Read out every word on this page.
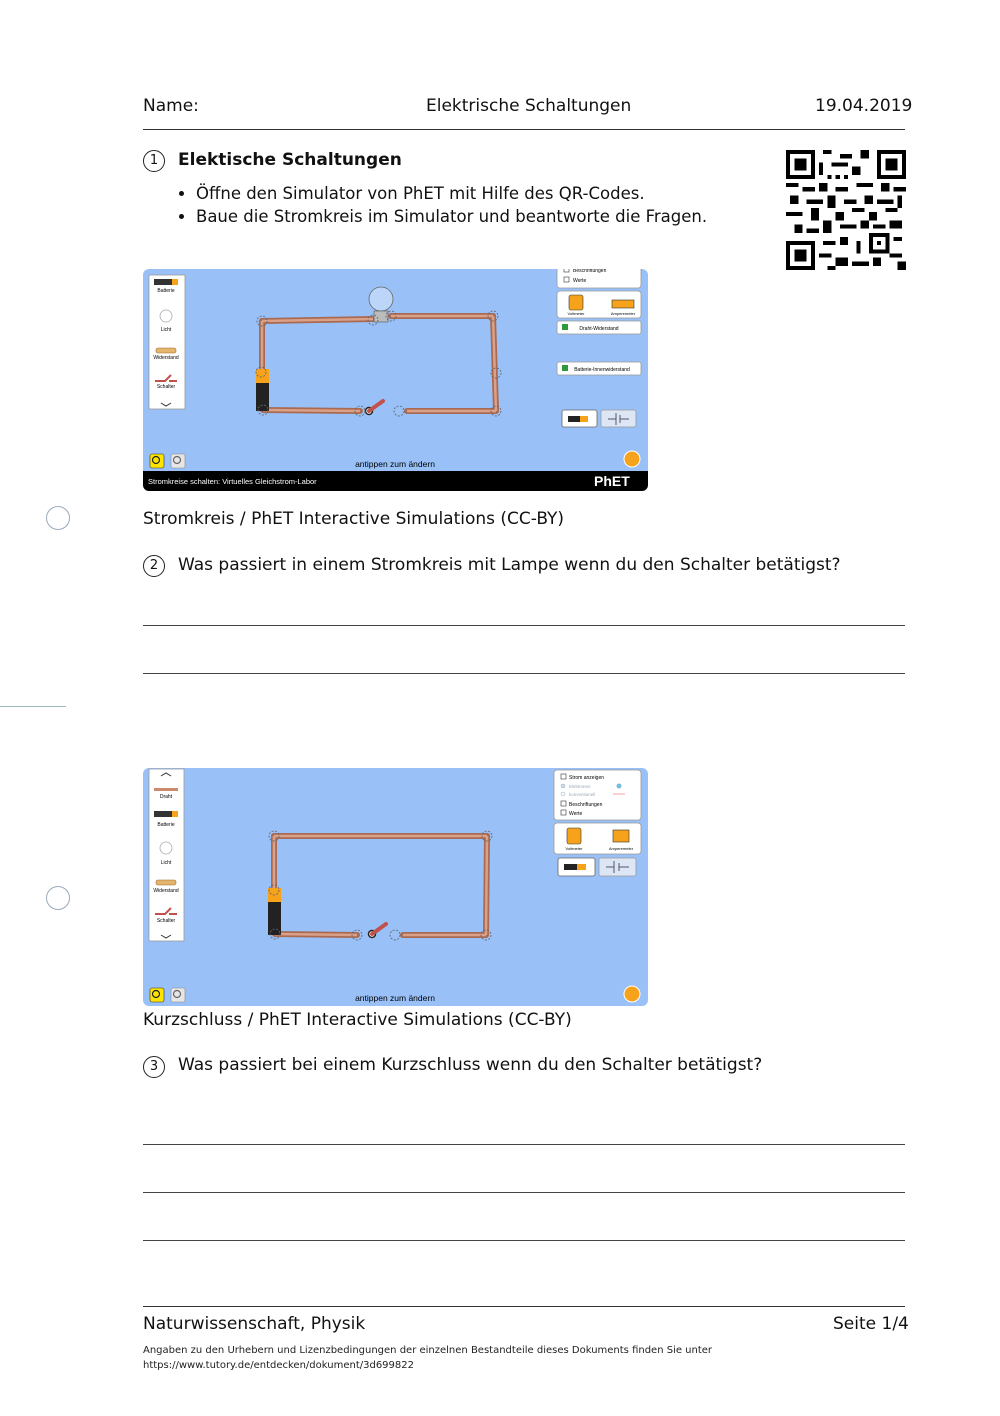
Name:	Elektrische Schaltungen	19.04.2019
1	Elektische Schaltungen
• Öffne den Simulator von PhET mit Hilfe des QR-Codes.
• Baue die Stromkreis im Simulator und beantworte die Fragen.
Batterie
Licht
Widerstand
Schalter
Beschriftungen
Werte
Voltmeter	Amperemeter
Draht-Widerstand
Batterie-Innenwiderstand
antippen zum ändern
Stromkreise schalten: Virtuelles Gleichstrom-Labor	PhET
Stromkreis / PhET Interactive Simulations (CC-BY)
2	Was passiert in einem Stromkreis mit Lampe wenn du den Schalter betätigst?
Draht
Batterie
Licht
Widerstand
Schalter
Strom anzeigen
Elektronen
konventionell
Beschriftungen
Werte
Voltmeter	Amperemeter
antippen zum ändern
Kurzschluss / PhET Interactive Simulations (CC-BY)
3	Was passiert bei einem Kurzschluss wenn du den Schalter betätigst?
Naturwissenschaft, Physik	Seite 1/4
Angaben zu den Urhebern und Lizenzbedingungen der einzelnen Bestandteile dieses Dokuments finden Sie unter
https://www.tutory.de/entdecken/dokument/3d699822
